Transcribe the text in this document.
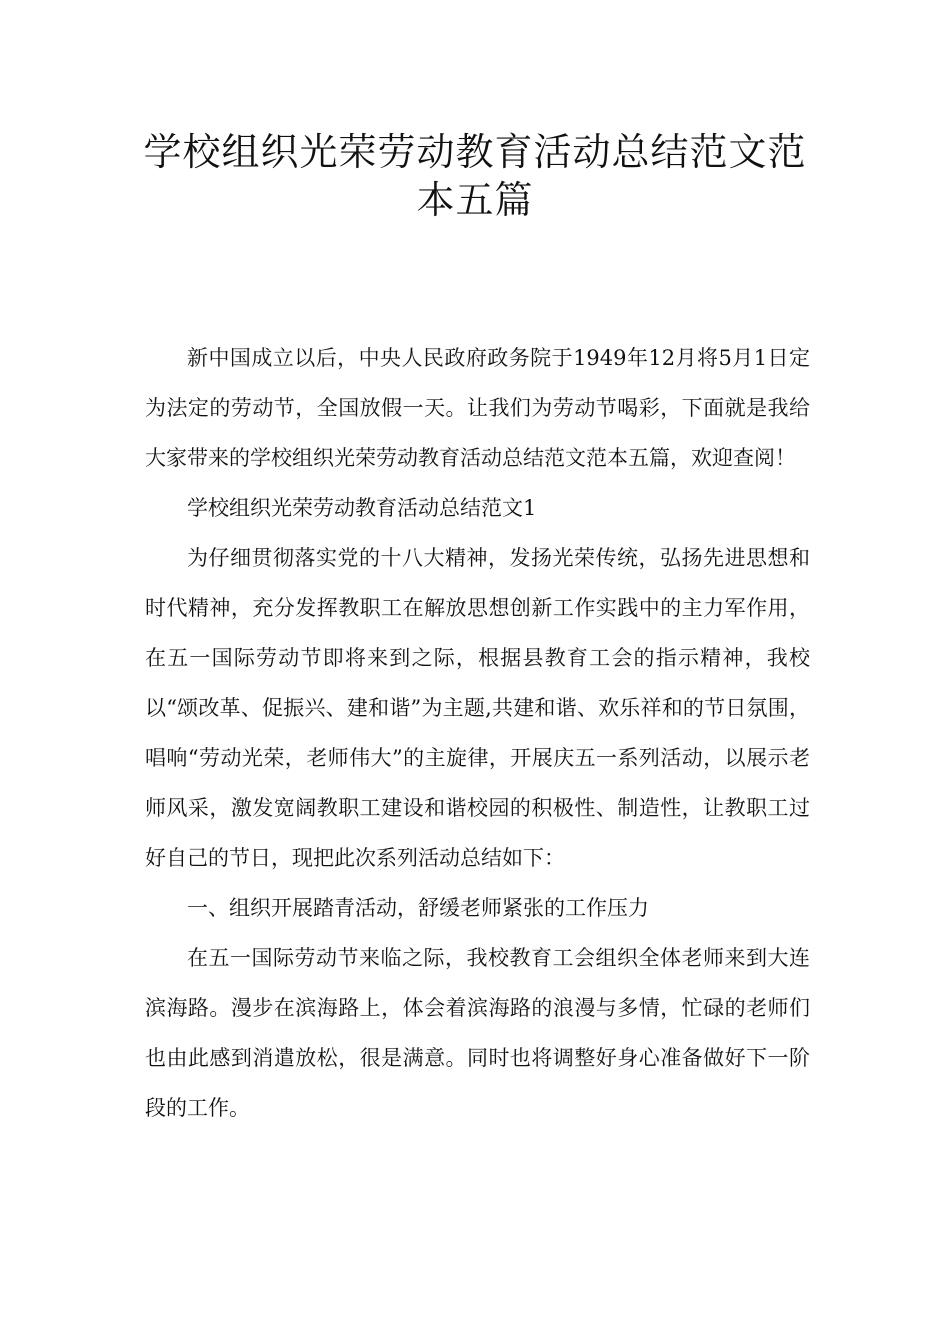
学校组织光荣劳动教育活动总结范文范
本五篇

新中国成立以后，中央人民政府政务院于1949年12月将5月1日定为法定的劳动节，全国放假一天。让我们为劳动节喝彩，下面就是我给大家带来的学校组织光荣劳动教育活动总结范文范本五篇，欢迎查阅！

学校组织光荣劳动教育活动总结范文1

为仔细贯彻落实党的十八大精神，发扬光荣传统，弘扬先进思想和时代精神，充分发挥教职工在解放思想创新工作实践中的主力军作用，在五一国际劳动节即将来到之际，根据县教育工会的指示精神，我校以“颂改革、促振兴、建和谐”为主题,共建和谐、欢乐祥和的节日氛围，唱响“劳动光荣，老师伟大”的主旋律，开展庆五一系列活动，以展示老师风采，激发宽阔教职工建设和谐校园的积极性、制造性，让教职工过好自己的节日，现把此次系列活动总结如下：

一、组织开展踏青活动，舒缓老师紧张的工作压力

在五一国际劳动节来临之际，我校教育工会组织全体老师来到大连滨海路。漫步在滨海路上，体会着滨海路的浪漫与多情，忙碌的老师们也由此感到消遣放松，很是满意。同时也将调整好身心准备做好下一阶段的工作。
